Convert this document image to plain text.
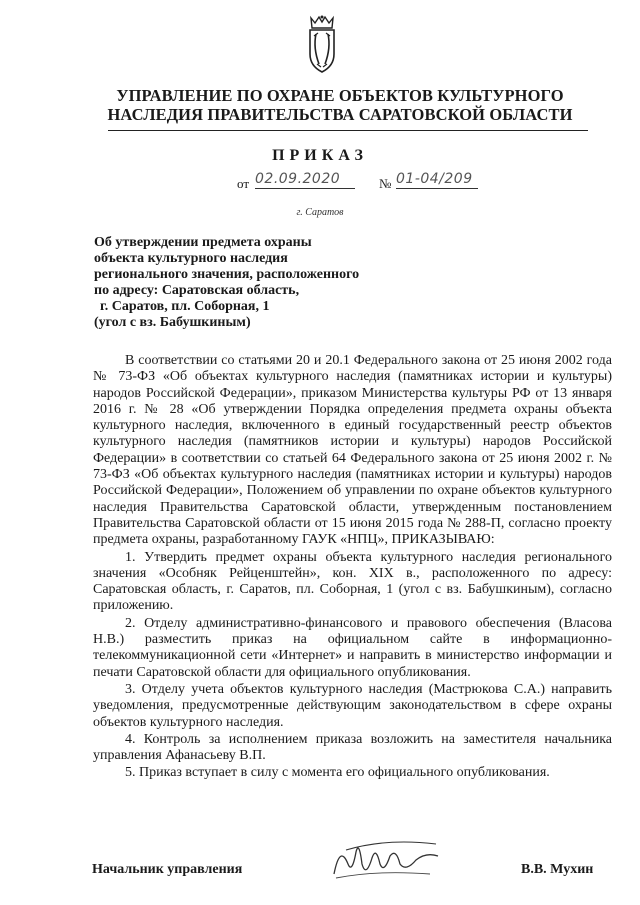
УПРАВЛЕНИЕ ПО ОХРАНЕ ОБЪЕКТОВ КУЛЬТУРНОГО
НАСЛЕДИЯ ПРАВИТЕЛЬСТВА САРАТОВСКОЙ ОБЛАСТИ
ПРИКАЗ
от 02.09.2020	№ 01-04/209
г. Саратов
Об утверждении предмета охраны
объекта культурного наследия
регионального значения, расположенного
по адресу: Саратовская область,
г. Саратов, пл. Соборная, 1
(угол с вз. Бабушкиным)

В соответствии со статьями 20 и 20.1 Федерального закона от 25 июня 2002 года № 73-ФЗ «Об объектах культурного наследия (памятниках истории и культуры) народов Российской Федерации», приказом Министерства культуры РФ от 13 января 2016 г. № 28 «Об утверждении Порядка определения предмета охраны объекта культурного наследия, включенного в единый государственный реестр объектов культурного наследия (памятников истории и культуры) народов Российской Федерации» в соответствии со статьей 64 Федерального закона от 25 июня 2002 г. № 73-ФЗ «Об объектах культурного наследия (памятниках истории и культуры) народов Российской Федерации», Положением об управлении по охране объектов культурного наследия Правительства Саратовской области, утвержденным постановлением Правительства Саратовской области от 15 июня 2015 года № 288-П, согласно проекту предмета охраны, разработанному ГАУК «НПЦ», ПРИКАЗЫВАЮ:

1. Утвердить предмет охраны объекта культурного наследия регионального значения «Особняк Рейценштейн», кон. XIX в., расположенного по адресу: Саратовская область, г. Саратов, пл. Соборная, 1 (угол с вз. Бабушкиным), согласно приложению.

2. Отделу административно-финансового и правового обеспечения (Власова Н.В.) разместить приказ на официальном сайте в информационно-телекоммуникационной сети «Интернет» и направить в министерство информации и печати Саратовской области для официального опубликования.

3. Отделу учета объектов культурного наследия (Мастрюкова С.А.) направить уведомления, предусмотренные действующим законодательством в сфере охраны объектов культурного наследия.

4. Контроль за исполнением приказа возложить на заместителя начальника управления Афанасьеву В.П.

5. Приказ вступает в силу с момента его официального опубликования.

Начальник управления	В.В. Мухин
